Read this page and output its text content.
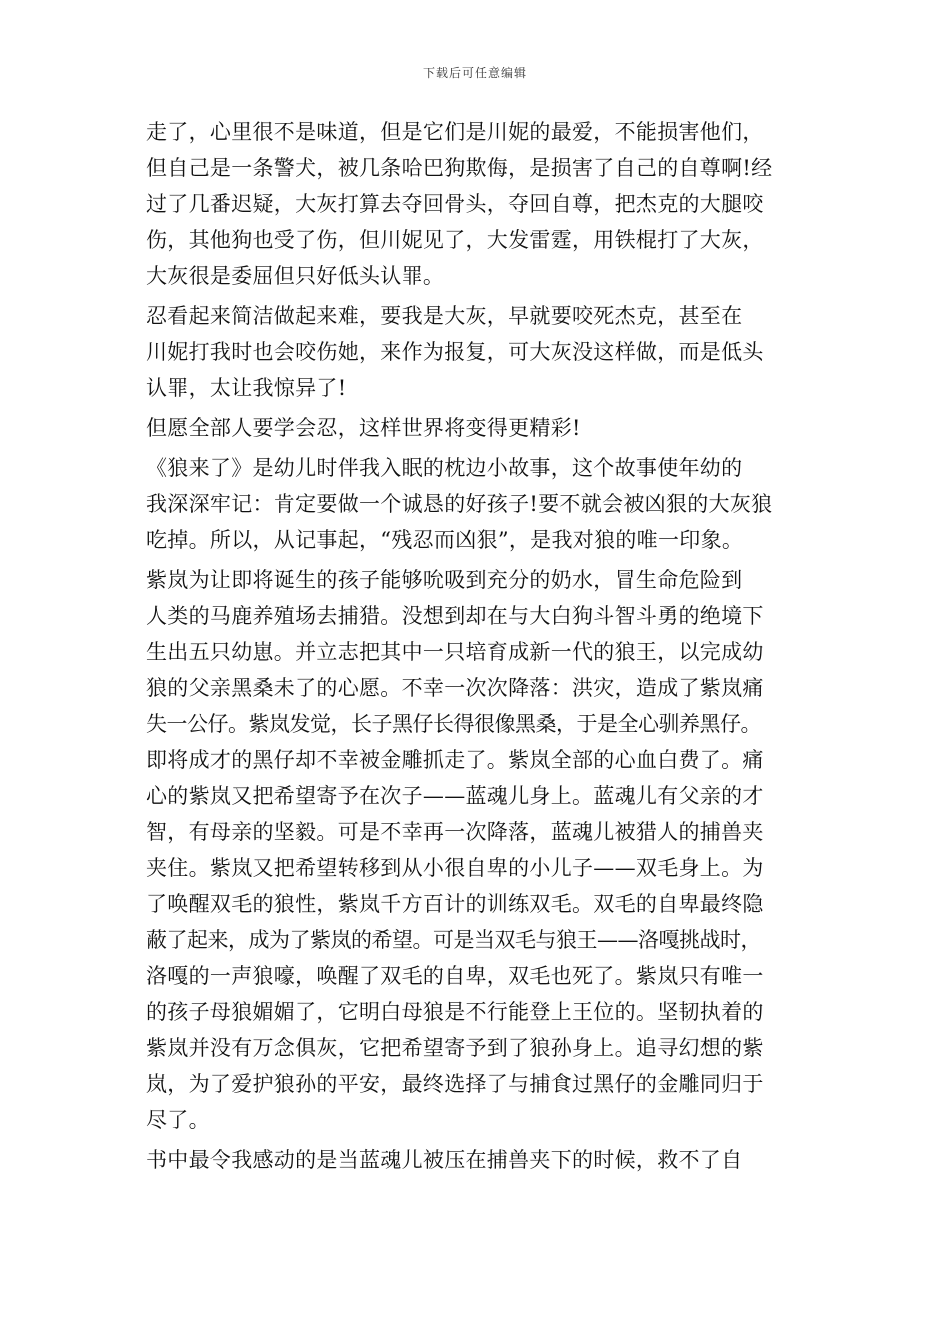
下载后可任意编辑
走了，心里很不是味道，但是它们是川妮的最爱，不能损害他们，
但自己是一条警犬，被几条哈巴狗欺侮，是损害了自己的自尊啊!经
过了几番迟疑，大灰打算去夺回骨头，夺回自尊，把杰克的大腿咬
伤，其他狗也受了伤，但川妮见了，大发雷霆，用铁棍打了大灰，
大灰很是委屈但只好低头认罪。
忍看起来简洁做起来难，要我是大灰，早就要咬死杰克，甚至在
川妮打我时也会咬伤她，来作为报复，可大灰没这样做，而是低头
认罪，太让我惊异了!
但愿全部人要学会忍，这样世界将变得更精彩!
《狼来了》是幼儿时伴我入眠的枕边小故事，这个故事使年幼的
我深深牢记：肯定要做一个诚恳的好孩子!要不就会被凶狠的大灰狼
吃掉。所以，从记事起，“残忍而凶狠”，是我对狼的唯一印象。
紫岚为让即将诞生的孩子能够吮吸到充分的奶水，冒生命危险到
人类的马鹿养殖场去捕猎。没想到却在与大白狗斗智斗勇的绝境下
生出五只幼崽。并立志把其中一只培育成新一代的狼王，以完成幼
狼的父亲黑桑未了的心愿。不幸一次次降落：洪灾，造成了紫岚痛
失一公仔。紫岚发觉，长子黑仔长得很像黑桑，于是全心驯养黑仔。
即将成才的黑仔却不幸被金雕抓走了。紫岚全部的心血白费了。痛
心的紫岚又把希望寄予在次子——蓝魂儿身上。蓝魂儿有父亲的才
智，有母亲的坚毅。可是不幸再一次降落，蓝魂儿被猎人的捕兽夹
夹住。紫岚又把希望转移到从小很自卑的小儿子——双毛身上。为
了唤醒双毛的狼性，紫岚千方百计的训练双毛。双毛的自卑最终隐
蔽了起来，成为了紫岚的希望。可是当双毛与狼王——洛嘎挑战时，
洛嘎的一声狼嚎，唤醒了双毛的自卑，双毛也死了。紫岚只有唯一
的孩子母狼媚媚了，它明白母狼是不行能登上王位的。坚韧执着的
紫岚并没有万念俱灰，它把希望寄予到了狼孙身上。追寻幻想的紫
岚，为了爱护狼孙的平安，最终选择了与捕食过黑仔的金雕同归于
尽了。
书中最令我感动的是当蓝魂儿被压在捕兽夹下的时候，救不了自
